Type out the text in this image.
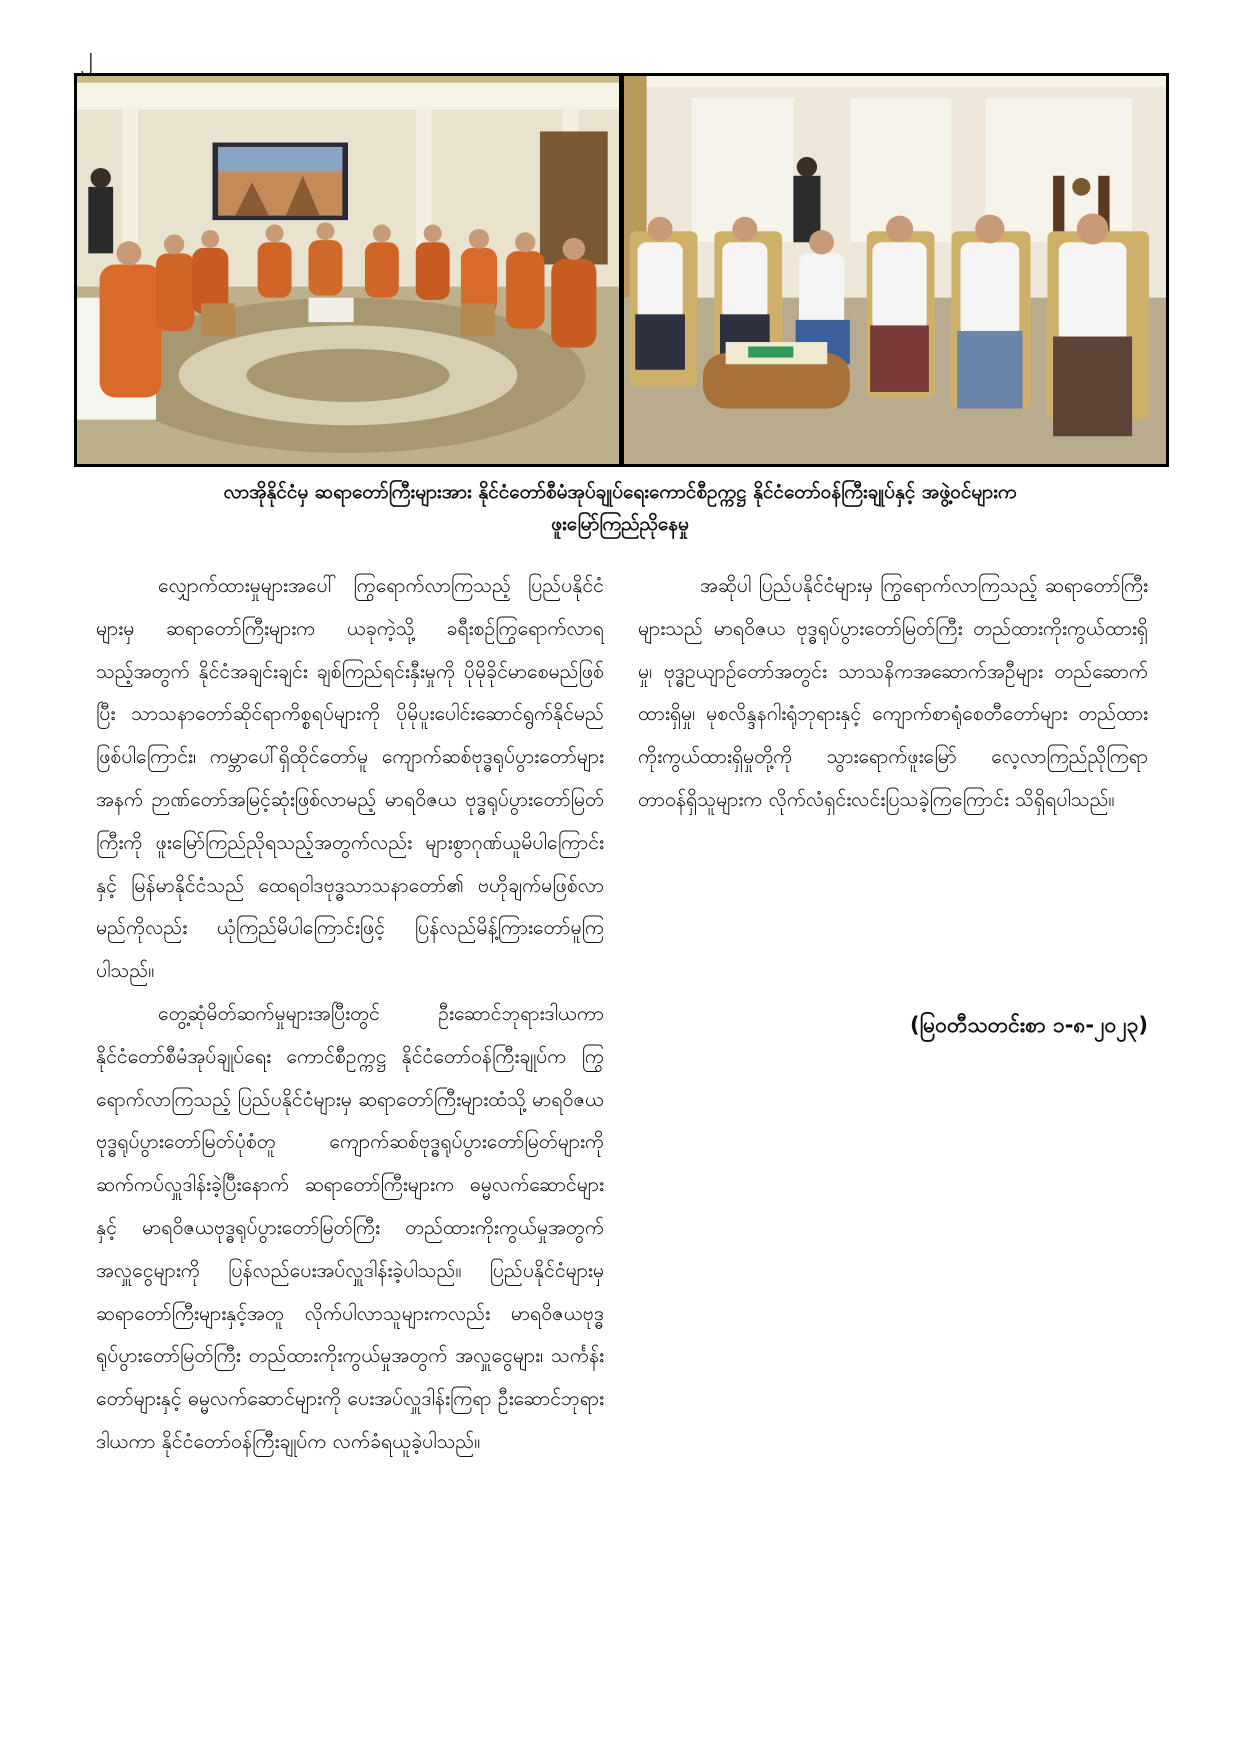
၂
လာအိုနိုင်ငံမှ ဆရာတော်ကြီးများအား နိုင်ငံတော်စီမံအုပ်ချုပ်ရေးကောင်စီဥက္ကဋ္ဌ နိုင်ငံတော်ဝန်ကြီးချုပ်နှင့် အဖွဲ့ဝင်များက
ဖူးမြော်ကြည်ညိုနေမှု

လျှောက်ထားမှုများအပေါ် ကြွရောက်လာကြသည့် ပြည်ပနိုင်ငံများမှ ဆရာတော်ကြီးများက ယခုကဲ့သို့ ခရီးစဉ်ကြွရောက်လာရသည့်အတွက် နိုင်ငံအချင်းချင်း ချစ်ကြည်ရင်းနှီးမှုကို ပိုမိုခိုင်မာစေမည်ဖြစ်ပြီး သာသနာတော်ဆိုင်ရာကိစ္စရပ်များကို ပိုမိုပူးပေါင်းဆောင်ရွက်နိုင်မည်ဖြစ်ပါကြောင်း၊ ကမ္ဘာပေါ်ရှိထိုင်တော်မူ ကျောက်ဆစ်ဗုဒ္ဓရုပ်ပွားတော်များအနက် ဉာဏ်တော်အမြင့်ဆုံးဖြစ်လာမည့် မာရဝိဇယ ဗုဒ္ဓရုပ်ပွားတော်မြတ်ကြီးကို ဖူးမြော်ကြည်ညိုရသည့်အတွက်လည်း များစွာဂုဏ်ယူမိပါကြောင်းနှင့် မြန်မာနိုင်ငံသည် ထေရဝါဒဗုဒ္ဓသာသနာတော်၏ ဗဟိုချက်မဖြစ်လာမည်ကိုလည်း ယုံကြည်မိပါကြောင်းဖြင့် ပြန်လည်မိန့်ကြားတော်မူကြပါသည်။

တွေ့ဆုံမိတ်ဆက်မှုများအပြီးတွင် ဦးဆောင်ဘုရားဒါယကာ နိုင်ငံတော်စီမံအုပ်ချုပ်ရေး ကောင်စီဥက္ကဋ္ဌ နိုင်ငံတော်ဝန်ကြီးချုပ်က ကြွရောက်လာကြသည့် ပြည်ပနိုင်ငံများမှ ဆရာတော်ကြီးများထံသို့ မာရဝိဇယဗုဒ္ဓရုပ်ပွားတော်မြတ်ပုံစံတူ ကျောက်ဆစ်ဗုဒ္ဓရုပ်ပွားတော်မြတ်များကို ဆက်ကပ်လှူဒါန်းခဲ့ပြီးနောက် ဆရာတော်ကြီးများက ဓမ္မလက်ဆောင်များနှင့် မာရဝိဇယဗုဒ္ဓရုပ်ပွားတော်မြတ်ကြီး တည်ထားကိုးကွယ်မှုအတွက် အလှူငွေများကို ပြန်လည်ပေးအပ်လှူဒါန်းခဲ့ပါသည်။ ပြည်ပနိုင်ငံများမှ ဆရာတော်ကြီးများနှင့်အတူ လိုက်ပါလာသူများကလည်း မာရဝိဇယဗုဒ္ဓရုပ်ပွားတော်မြတ်ကြီး တည်ထားကိုးကွယ်မှုအတွက် အလှူငွေများ၊ သင်္ကန်းတော်များနှင့် ဓမ္မလက်ဆောင်များကို ပေးအပ်လှူဒါန်းကြရာ ဦးဆောင်ဘုရားဒါယကာ နိုင်ငံတော်ဝန်ကြီးချုပ်က လက်ခံရယူခဲ့ပါသည်။

အဆိုပါ ပြည်ပနိုင်ငံများမှ ကြွရောက်လာကြသည့် ဆရာတော်ကြီးများသည် မာရဝိဇယ ဗုဒ္ဓရုပ်ပွားတော်မြတ်ကြီး တည်ထားကိုးကွယ်ထားရှိမှု၊ ဗုဒ္ဓဥယျာဉ်တော်အတွင်း သာသနိကအဆောက်အဦများ တည်ဆောက်ထားရှိမှု၊ မုစလိန္ဒနဂါးရုံဘုရားနှင့် ကျောက်စာရုံစေတီတော်များ တည်ထားကိုးကွယ်ထားရှိမှုတို့ကို သွားရောက်ဖူးမြော် လေ့လာကြည်ညိုကြရာ တာဝန်ရှိသူများက လိုက်လံရှင်းလင်းပြသခဲ့ကြကြောင်း သိရှိရပါသည်။

(မြဝတီသတင်းစာ ၁-၈-၂၀၂၃)
